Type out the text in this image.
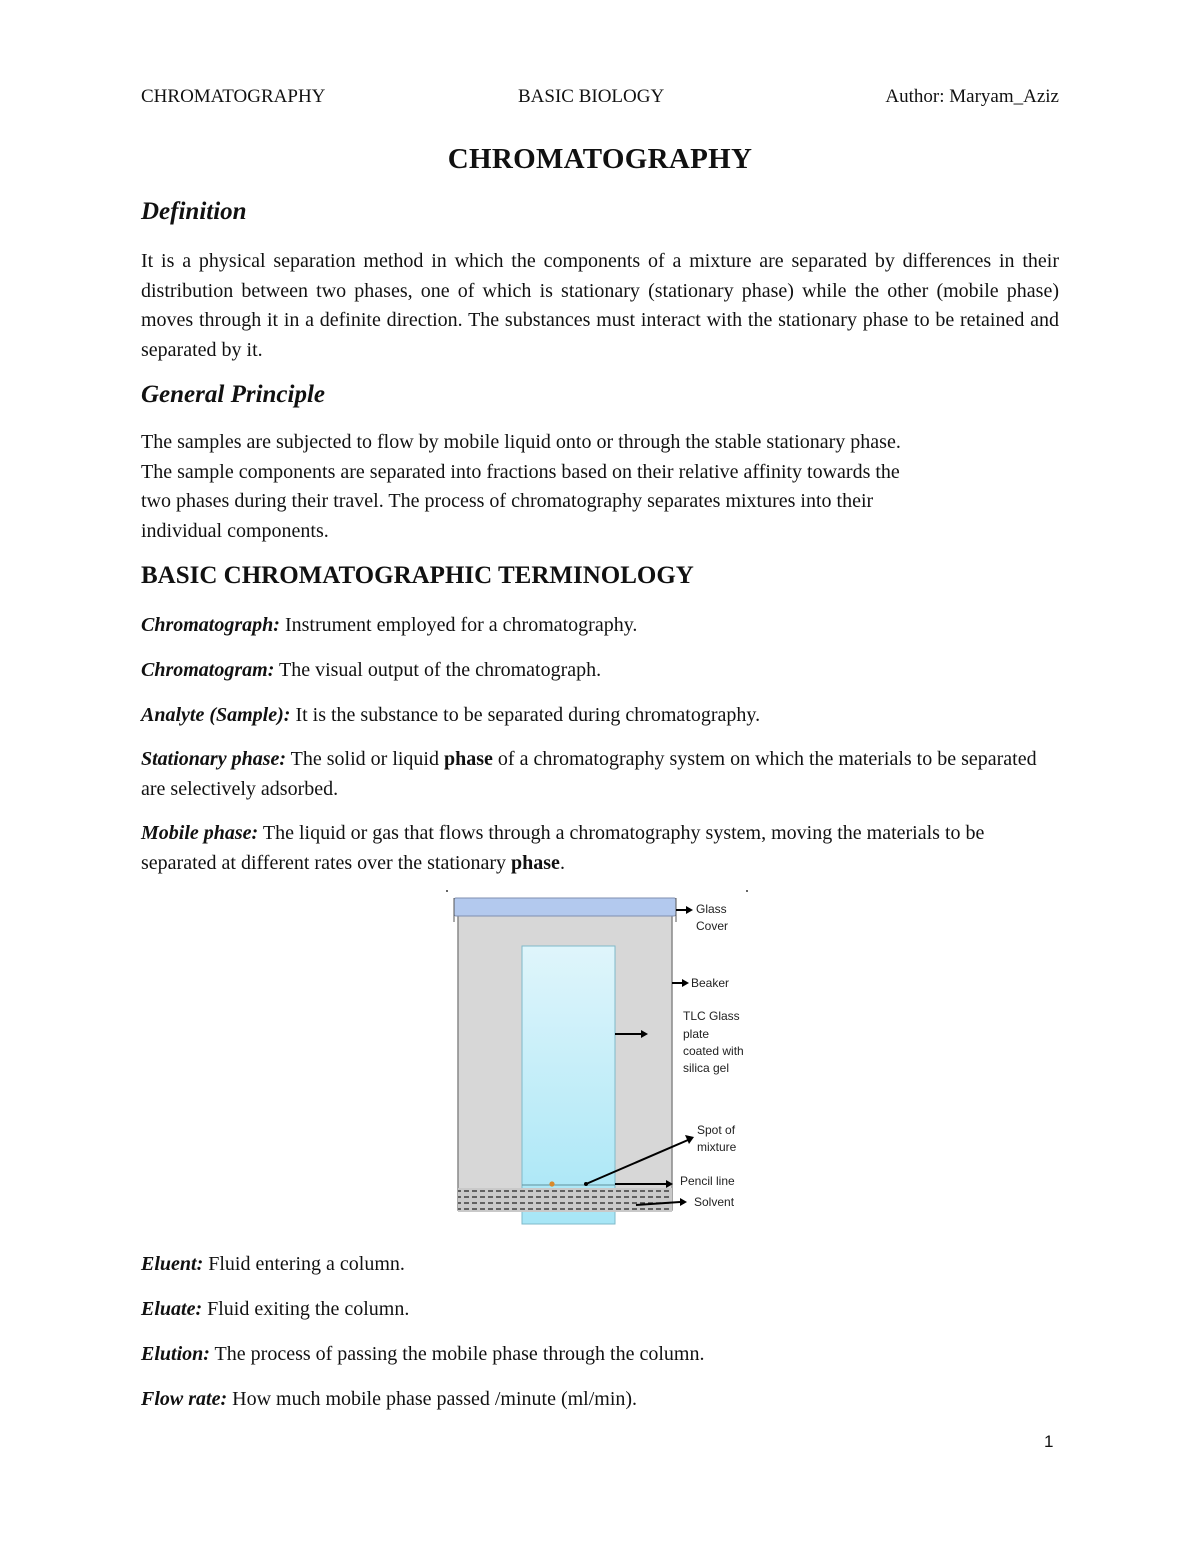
CHROMATOGRAPHY	BASIC BIOLOGY	Author: Maryam_Aziz
CHROMATOGRAPHY
Definition
It is a physical separation method in which the components of a mixture are separated by differences in their distribution between two phases, one of which is stationary (stationary phase) while the other (mobile phase) moves through it in a definite direction. The substances must interact with the stationary phase to be retained and separated by it.
General Principle
The samples are subjected to flow by mobile liquid onto or through the stable stationary phase.
The sample components are separated into fractions based on their relative affinity towards the
two phases during their travel. The process of chromatography separates mixtures into their
individual components.
BASIC CHROMATOGRAPHIC TERMINOLOGY
Chromatograph: Instrument employed for a chromatography.
Chromatogram: The visual output of the chromatograph.
Analyte (Sample): It is the substance to be separated during chromatography.
Stationary phase: The solid or liquid phase of a chromatography system on which the materials to be separated are selectively adsorbed.
Mobile phase: The liquid or gas that flows through a chromatography system, moving the materials to be separated at different rates over the stationary phase.
Glass
Cover
Beaker
TLC Glass
plate
coated with
silica gel
Spot of
mixture
Pencil line
Solvent
Eluent: Fluid entering a column.
Eluate: Fluid exiting the column.
Elution: The process of passing the mobile phase through the column.
Flow rate: How much mobile phase passed /minute (ml/min).
1
